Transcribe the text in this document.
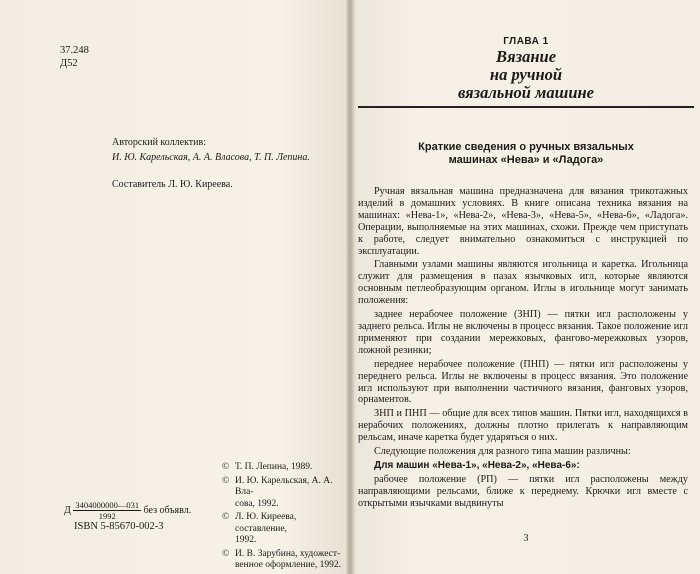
37.248
Д52
Авторский коллектив:
И. Ю. Карельская, А. А. Власова, Т. П. Лепина.
Составитель Л. Ю. Киреева.
© Т. П. Лепина, 1989.
© И. Ю. Карельская, А. А. Вла-
сова, 1992.
© Л. Ю. Киреева, составление,
1992.
© И. В. Зарубина, художест-
венное оформление, 1992.
Д $\frac{3404000000—031}{1992}$ без объявл.
ISBN 5-85670-002-3
ГЛАВА 1
Вязание
на ручной
вязальной машине
Краткие сведения о ручных вязальных
машинах «Нева» и «Ладога»

Ручная вязальная машина предназначена для вязания трикотажных изделий в домашних условиях. В книге описана техника вязания на машинах: «Нева-1», «Нева-2», «Нева-3», «Нева-5», «Нева-6», «Ладога». Операции, выполняемые на этих машинах, схожи. Прежде чем приступать к работе, следует внимательно ознакомиться с инструкцией по эксплуатации.

Главными узлами машины являются игольница и каретка. Игольница служит для размещения в пазах язычковых игл, которые являются основным петлеобразующим органом. Иглы в игольнице могут занимать положения:

заднее нерабочее положение (ЗНП) — пятки игл расположены у заднего рельса. Иглы не включены в процесс вязания. Такое положение игл применяют при создании мережковых, фангово-мережковых узоров, ложной резинки;

переднее нерабочее положение (ПНП) — пятки игл расположены у переднего рельса. Иглы не включены в процесс вязания. Это положение игл используют при выполнении частичного вязания, фанговых узоров, орнаментов.

ЗНП и ПНП — общие для всех типов машин. Пятки игл, находящихся в нерабочих положениях, должны плотно прилегать к направляющим рельсам, иначе каретка будет ударяться о них.

Следующие положения для разного типа машин различны:

Для машин «Нева-1», «Нева-2», «Нева-6»:

рабочее положение (РП) — пятки игл расположены между направляющими рельсами, ближе к переднему. Крючки игл вместе с открытыми язычками выдвинуты

3
